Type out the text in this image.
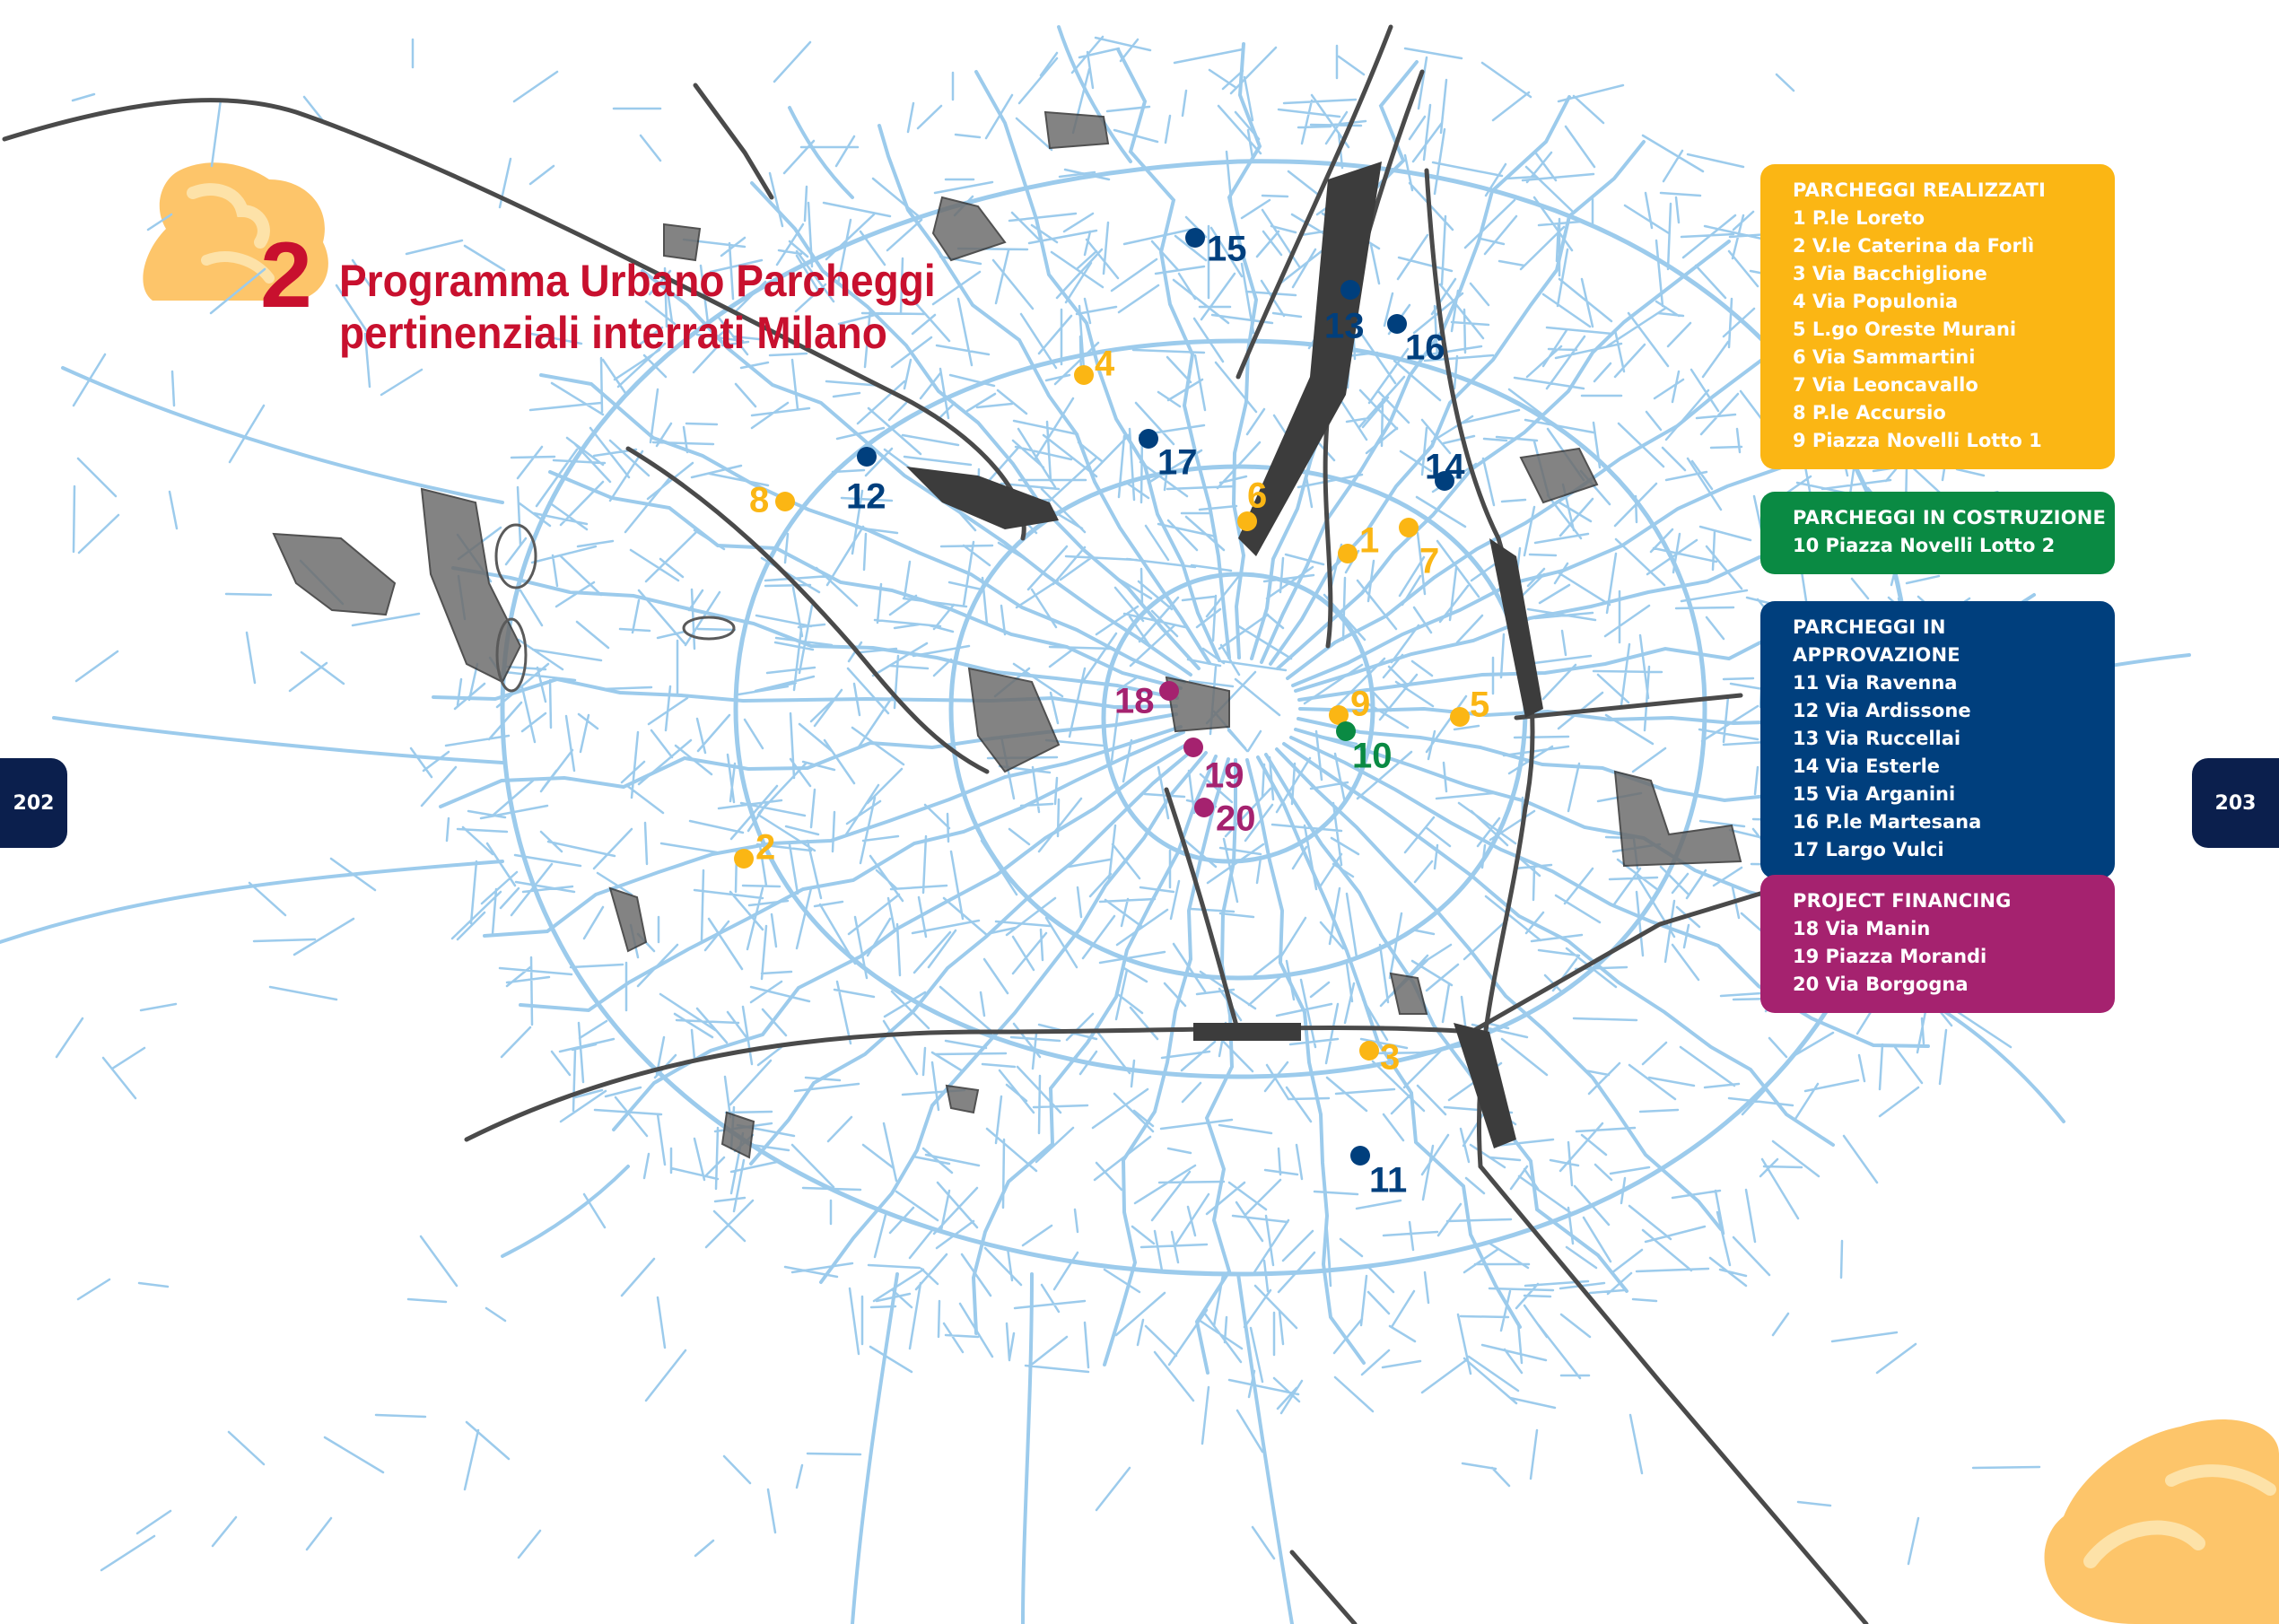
1
2
3
4
5
6
7
8
9
10
11
12
13
14
15
16
17
18
19
20
2 Programma Urbano Parcheggi
pertinenziali interrati Milano
PARCHEGGI REALIZZATI
1 P.le Loreto
2 V.le Caterina da Forlì
3 Via Bacchiglione
4 Via Populonia
5 L.go Oreste Murani
6 Via Sammartini
7 Via Leoncavallo
8 P.le Accursio
9 Piazza Novelli Lotto 1
PARCHEGGI IN COSTRUZIONE
10 Piazza Novelli Lotto 2
PARCHEGGI IN APPROVAZIONE
11 Via Ravenna
12 Via Ardissone
13 Via Ruccellai
14 Via Esterle
15 Via Arganini
16 P.le Martesana
17 Largo Vulci
PROJECT FINANCING
18 Via Manin
19 Piazza Morandi
20 Via Borgogna
202	203
